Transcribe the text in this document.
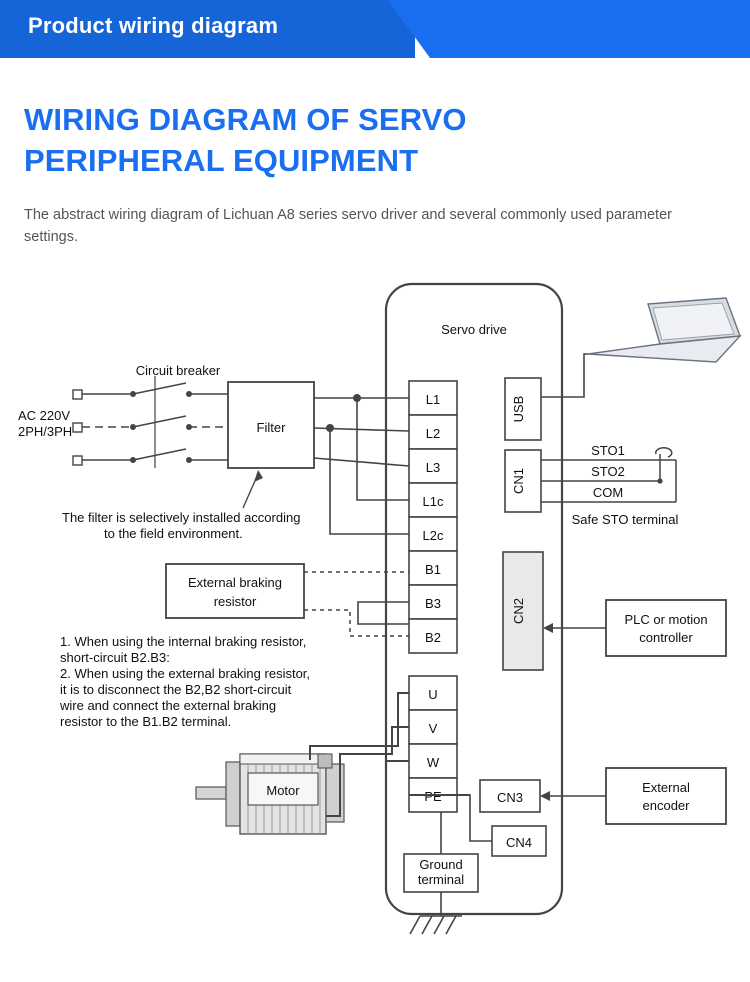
Product wiring diagram
WIRING DIAGRAM OF SERVO
PERIPHERAL EQUIPMENT
The abstract wiring diagram of Lichuan A8 series servo driver and several commonly used parameter settings.
Servo drive
L1
L2
L3
L1c
L2c
B1
B3
B2
U
V
W
PE
USB
CN1
CN2
CN3
CN4
Ground
terminal
STO1
STO2
COM
Safe STO terminal
PLC or motion
controller
External
encoder
AC 220V
2PH/3PH
Circuit breaker
Filter
The filter is selectively installed according
to the field environment.
External braking
resistor
1. When using the internal braking resistor,
short-circuit B2.B3:
2. When using the external braking resistor,
it is to disconnect the B2,B2 short-circuit
wire and connect the external braking
resistor to the B1.B2 terminal.
Motor
